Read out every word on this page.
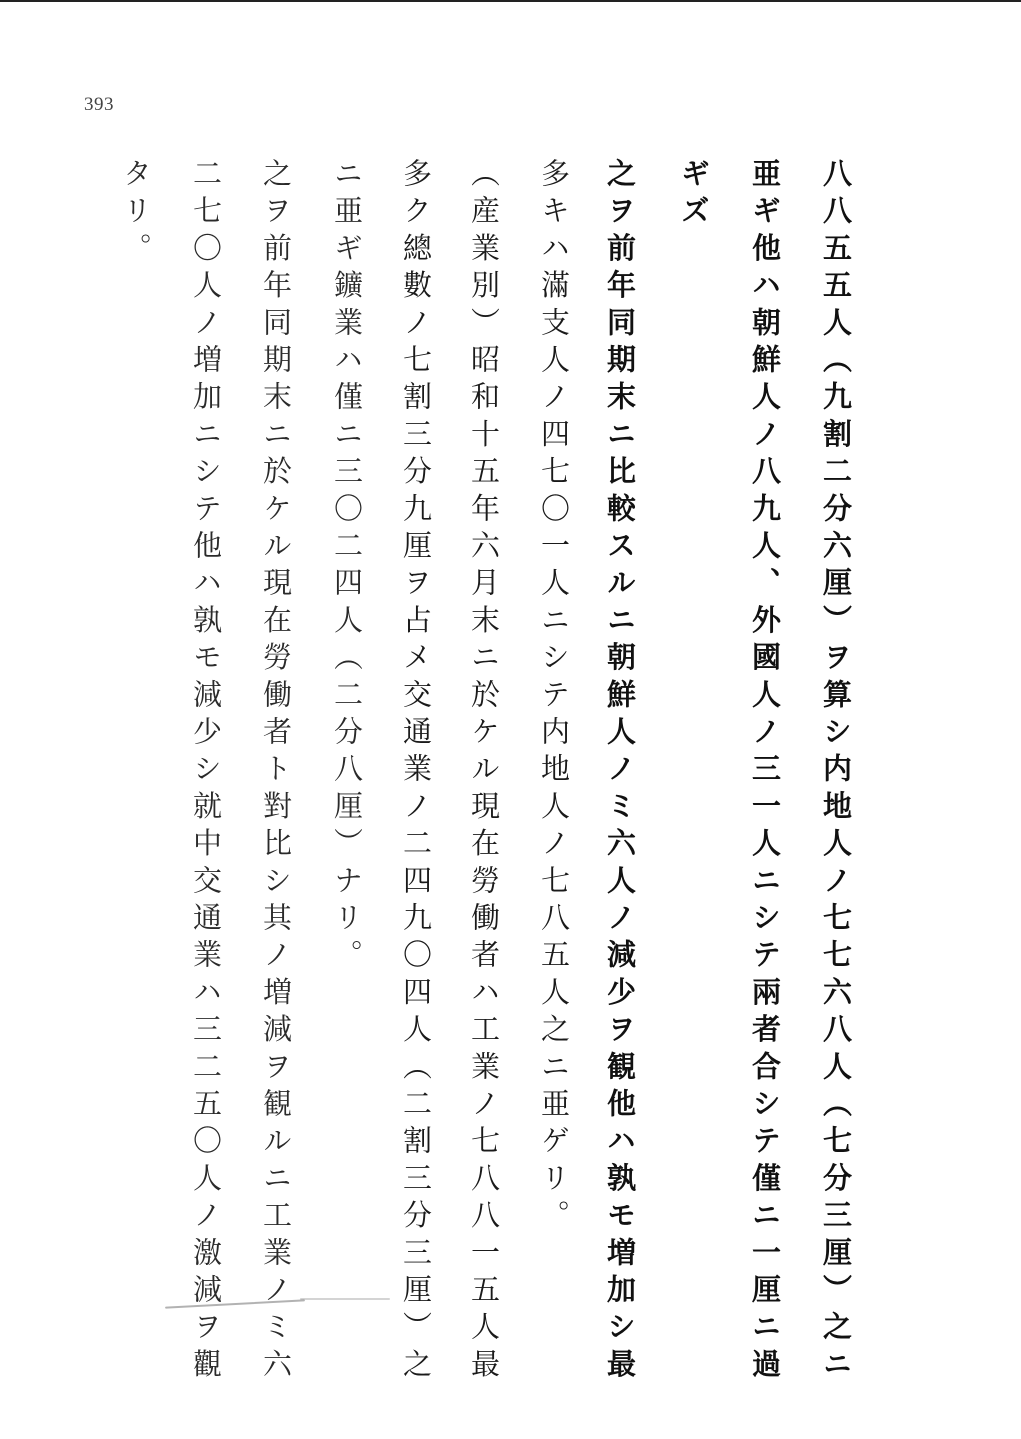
393
八八五五人（九割二分六厘）ヲ算シ内地人ノ七七六八人（七分三厘）之ニ
亜ギ他ハ朝鮮人ノ八九人、外國人ノ三一人ニシテ兩者合シテ僅ニ一厘ニ過
ギズ
之ヲ前年同期末ニ比較スルニ朝鮮人ノミ六人ノ減少ヲ観他ハ孰モ増加シ最
多キハ滿支人ノ四七〇一人ニシテ内地人ノ七八五人之ニ亜ゲリ。
（産業別）昭和十五年六月末ニ於ケル現在勞働者ハ工業ノ七八八一五人最
多ク總數ノ七割三分九厘ヲ占メ交通業ノ二四九〇四人（二割三分三厘）之
ニ亜ギ鑛業ハ僅ニ三〇二四人（二分八厘）ナリ。
之ヲ前年同期末ニ於ケル現在勞働者ト對比シ其ノ増減ヲ観ルニ工業ノミ六
二七〇人ノ増加ニシテ他ハ孰モ減少シ就中交通業ハ三二五〇人ノ激減ヲ觀
タリ。
